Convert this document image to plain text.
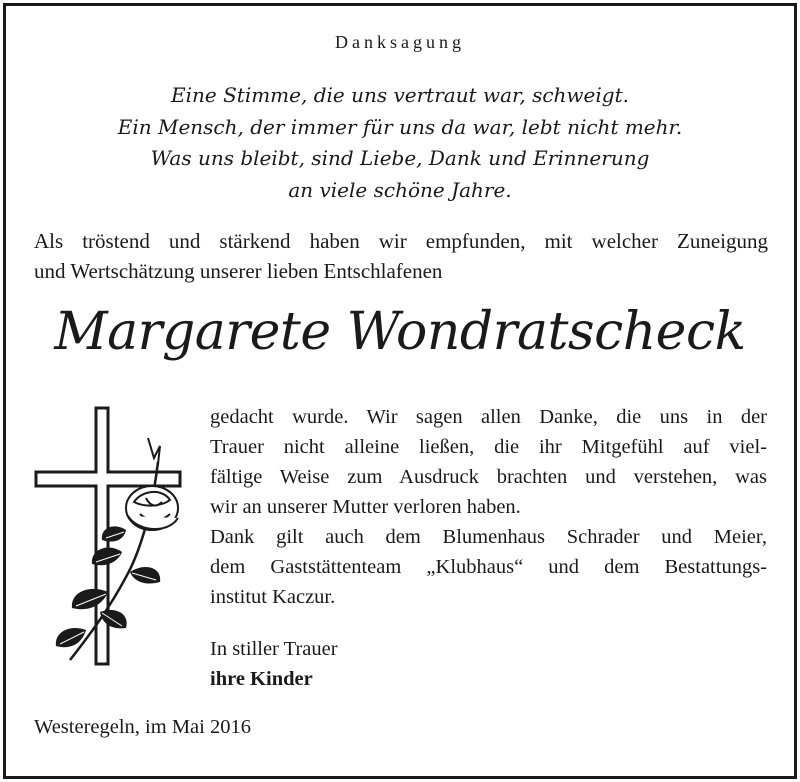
Danksagung
Eine Stimme, die uns vertraut war, schweigt.
Ein Mensch, der immer für uns da war, lebt nicht mehr.
Was uns bleibt, sind Liebe, Dank und Erinnerung
an viele schöne Jahre.
Als tröstend und stärkend haben wir empfunden, mit welcher Zuneigung
und Wertschätzung unserer lieben Entschlafenen
Margarete Wondratscheck
gedacht wurde. Wir sagen allen Danke, die uns in der
Trauer nicht alleine ließen, die ihr Mitgefühl auf viel-
fältige Weise zum Ausdruck brachten und verstehen, was
wir an unserer Mutter verloren haben.
Dank gilt auch dem Blumenhaus Schrader und Meier,
dem Gaststättenteam „Klubhaus“ und dem Bestattungs-
institut Kaczur.
In stiller Trauer
ihre Kinder
Westeregeln, im Mai 2016
